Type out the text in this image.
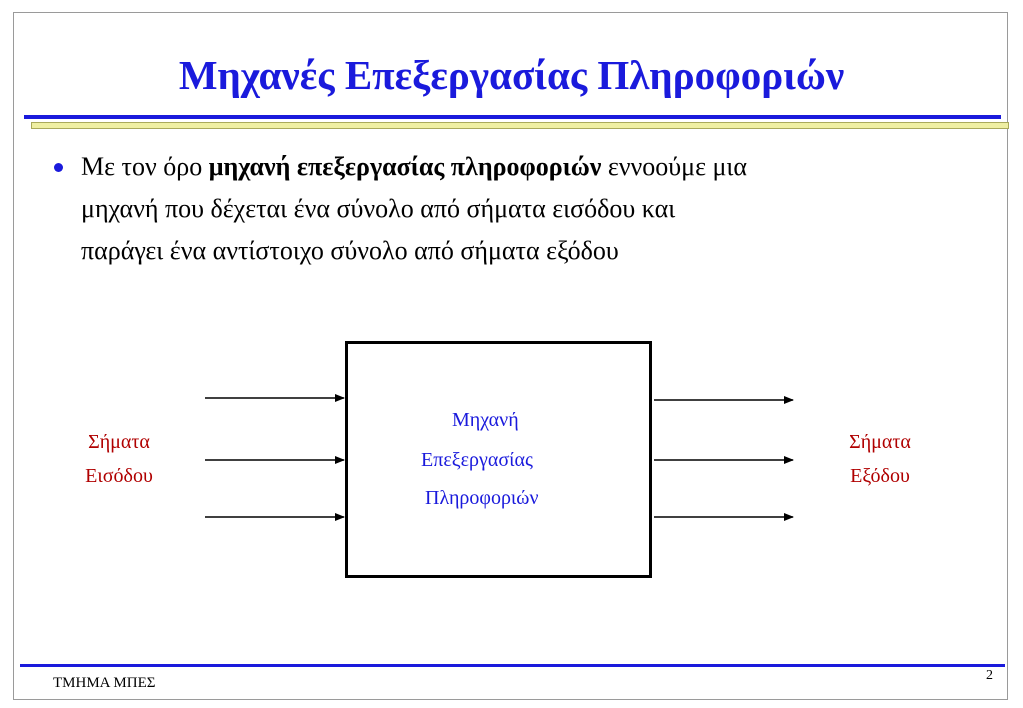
Μηχανές Επεξεργασίας Πληροφοριών
Με τον όρο μηχανή επεξεργασίας πληροφοριών εννοούμε μια
μηχανή που δέχεται ένα σύνολο από σήματα εισόδου και
παράγει ένα αντίστοιχο σύνολο από σήματα εξόδου
Μηχανή
Επεξεργασίας
Πληροφοριών
Σήματα
Εισόδου
Σήματα
Εξόδου
ΤΜΗΜΑ ΜΠΕΣ	2
